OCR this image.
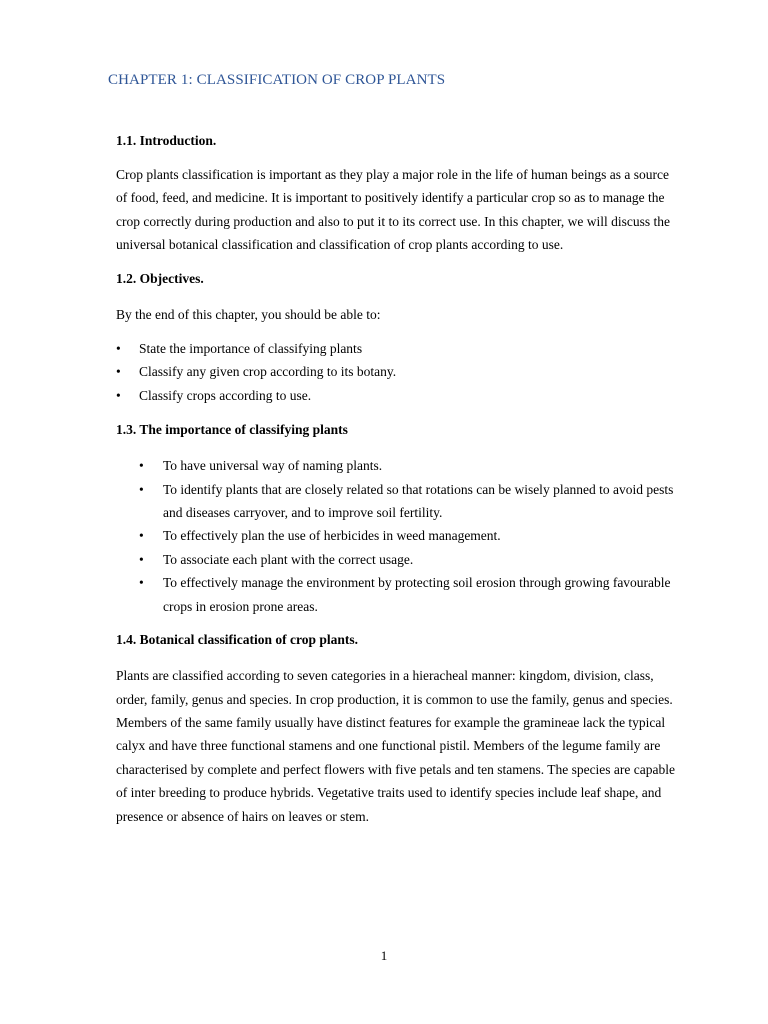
CHAPTER 1: CLASSIFICATION OF CROP PLANTS
1.1. Introduction.

Crop plants classification is important as they play a major role in the life of human beings as a source of food, feed, and medicine. It is important to positively identify a particular crop so as to manage the crop correctly during production and also to put it to its correct use. In this chapter, we will discuss the universal botanical classification and classification of crop plants according to use.

1.2. Objectives.

By the end of this chapter, you should be able to:

• State the importance of classifying plants
• Classify any given crop according to its botany.
• Classify crops according to use.
1.3. The importance of classifying plants
• To have universal way of naming plants.
• To identify plants that are closely related so that rotations can be wisely planned to avoid pests and diseases carryover, and to improve soil fertility.
• To effectively plan the use of herbicides in weed management.
• To associate each plant with the correct usage.
• To effectively manage the environment by protecting soil erosion through growing favourable crops in erosion prone areas.
1.4. Botanical classification of crop plants.

Plants are classified according to seven categories in a hieracheal manner: kingdom, division, class, order, family, genus and species. In crop production, it is common to use the family, genus and species. Members of the same family usually have distinct features for example the gramineae lack the typical calyx and have three functional stamens and one functional pistil. Members of the legume family are characterised by complete and perfect flowers with five petals and ten stamens. The species are capable of inter breeding to produce hybrids. Vegetative traits used to identify species include leaf shape, and presence or absence of hairs on leaves or stem.

1
